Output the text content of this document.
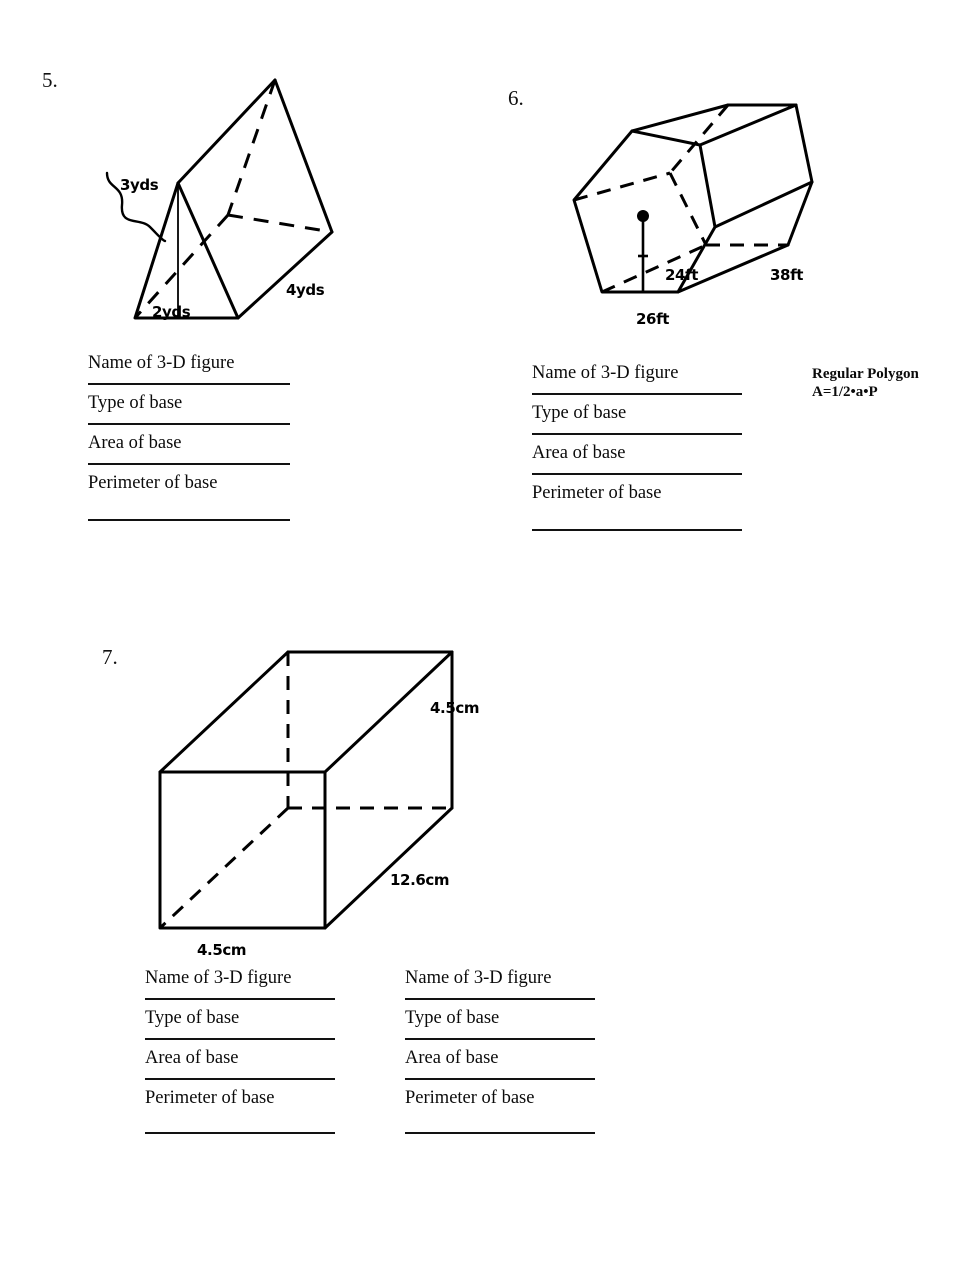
5.
3yds
2yds
4yds
Name of 3-D figure
Type of base
Area of base
Perimeter of base
6.
24ft
26ft
38ft
Name of 3-D figure
Type of base
Area of base
Perimeter of base
Regular Polygon
A=1/2•a•P
7.
4.5cm
4.5cm
12.6cm
Name of 3-D figure
Type of base
Area of base
Perimeter of base
Name of 3-D figure
Type of base
Area of base
Perimeter of base
